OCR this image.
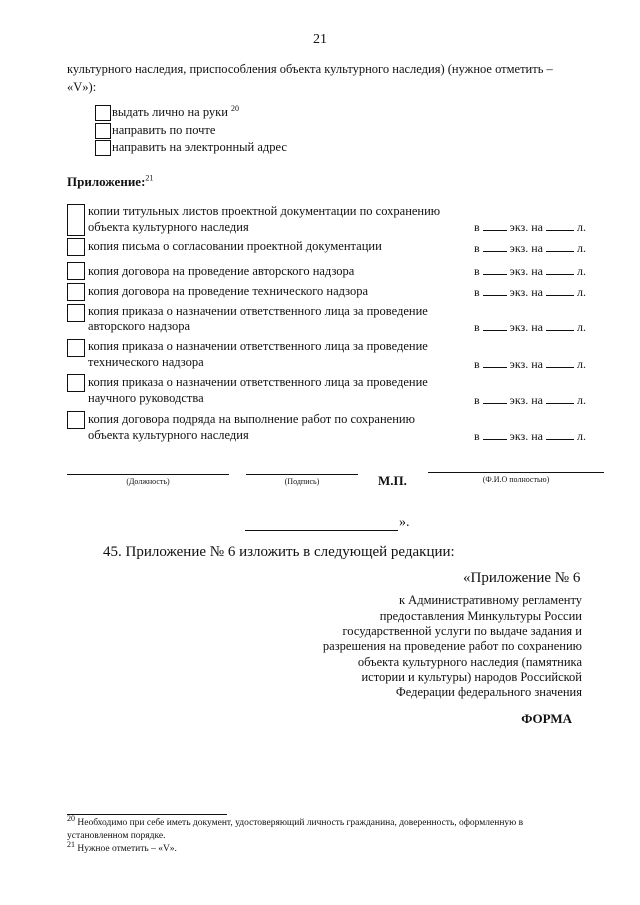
21
культурного наследия, приспособления объекта культурного наследия) (нужное отметить –
«V»):
выдать лично на руки $^{20}$
направить по почте
направить на электронный адрес
Приложение:$^{21}$
копии титульных листов проектной документации по сохранению
объекта культурного наследия	в	экз. на	л.
копия письма о согласовании проектной документации	в	экз. на	л.
копия договора на проведение авторского надзора	в	экз. на	л.
копия договора на проведение технического надзора	в	экз. на	л.
копия приказа о назначении ответственного лица за проведение
авторского надзора	в	экз. на	л.
копия приказа о назначении ответственного лица за проведение
технического надзора	в	экз. на	л.
копия приказа о назначении ответственного лица за проведение
научного руководства	в	экз. на	л.
копия договора подряда на выполнение работ по сохранению
объекта культурного наследия	в	экз. на	л.
(Должность)	(Подпись)	М.П.	(Ф.И.О полностью)
».
45. Приложение № 6 изложить в следующей редакции:
«Приложение № 6
к Административному регламенту
предоставления Минкультуры России
государственной услуги по выдаче задания и
разрешения на проведение работ по сохранению
объекта культурного наследия (памятника
истории и культуры) народов Российской
Федерации федерального значения
ФОРМА
$^{20}$ Необходимо при себе иметь документ, удостоверяющий личность гражданина, доверенность, оформленную в
установленном порядке.
$^{21}$ Нужное отметить – «V».
